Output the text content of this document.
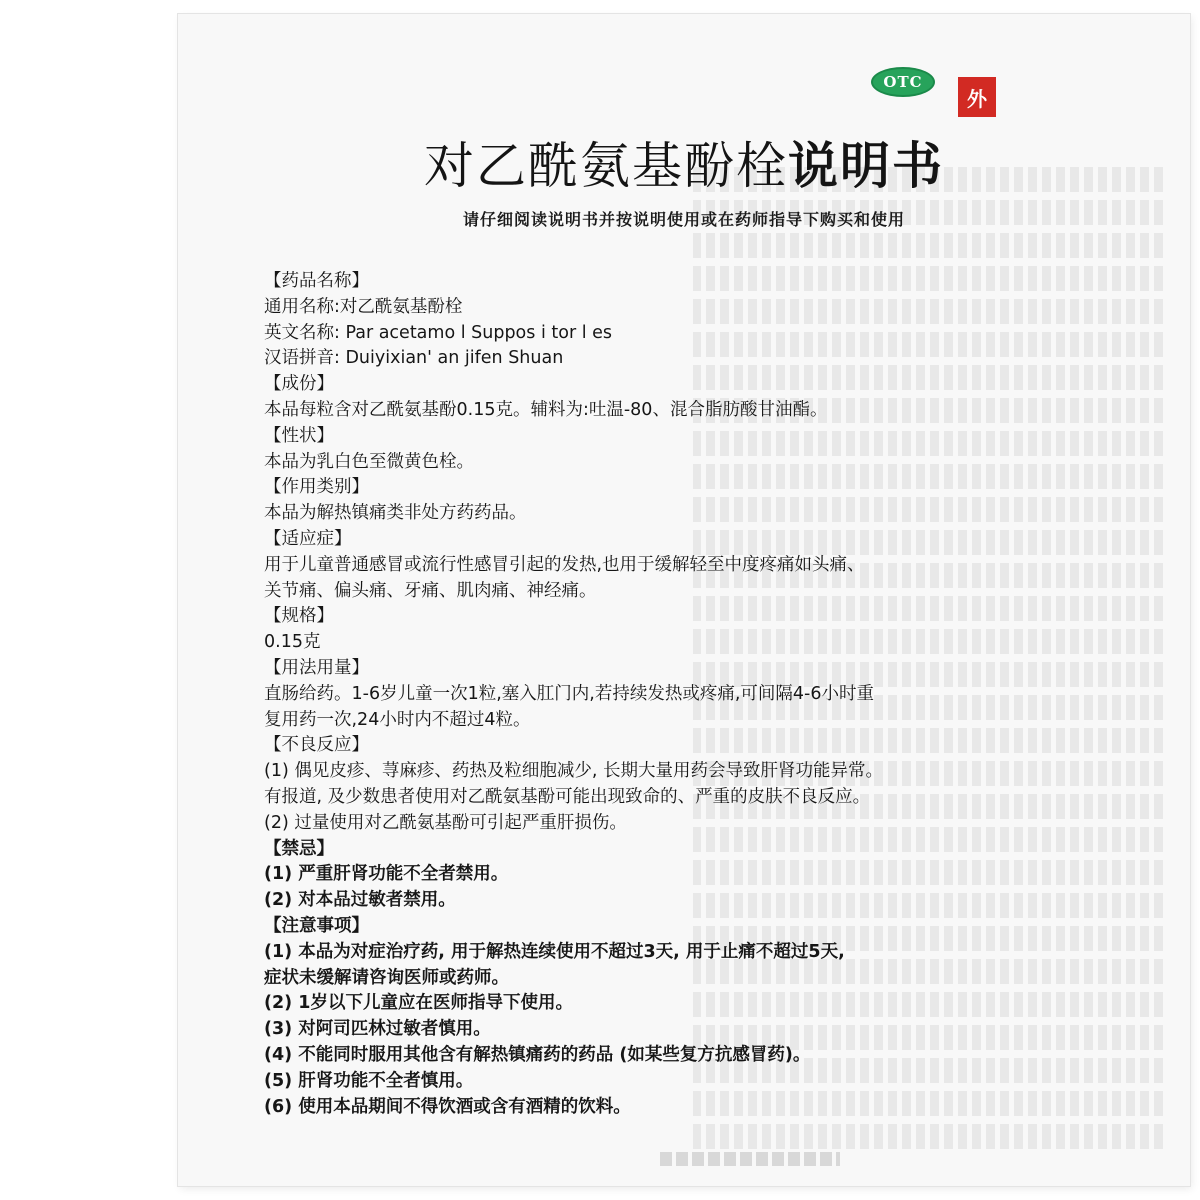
OTC
外
对乙酰氨基酚栓说明书
请仔细阅读说明书并按说明使用或在药师指导下购买和使用
【药品名称】
通用名称:对乙酰氨基酚栓
英文名称: Par acetamo l Suppos i tor l es
汉语拼音: Duiyixian' an jifen Shuan
【成份】
本品每粒含对乙酰氨基酚0.15克。辅料为:吐温-80、混合脂肪酸甘油酯。
【性状】
本品为乳白色至微黄色栓。
【作用类别】
本品为解热镇痛类非处方药药品。
【适应症】
用于儿童普通感冒或流行性感冒引起的发热,也用于缓解轻至中度疼痛如头痛、
关节痛、偏头痛、牙痛、肌肉痛、神经痛。
【规格】
0.15克
【用法用量】
直肠给药。1-6岁儿童一次1粒,塞入肛门内,若持续发热或疼痛,可间隔4-6小时重
复用药一次,24小时内不超过4粒。
【不良反应】
(1) 偶见皮疹、荨麻疹、药热及粒细胞减少, 长期大量用药会导致肝肾功能异常。
有报道, 及少数患者使用对乙酰氨基酚可能出现致命的、严重的皮肤不良反应。
(2) 过量使用对乙酰氨基酚可引起严重肝损伤。
【禁忌】
(1) 严重肝肾功能不全者禁用。
(2) 对本品过敏者禁用。
【注意事项】
(1) 本品为对症治疗药, 用于解热连续使用不超过3天, 用于止痛不超过5天,
症状未缓解请咨询医师或药师。
(2) 1岁以下儿童应在医师指导下使用。
(3) 对阿司匹林过敏者慎用。
(4) 不能同时服用其他含有解热镇痛药的药品 (如某些复方抗感冒药)。
(5) 肝肾功能不全者慎用。
(6) 使用本品期间不得饮酒或含有酒精的饮料。
